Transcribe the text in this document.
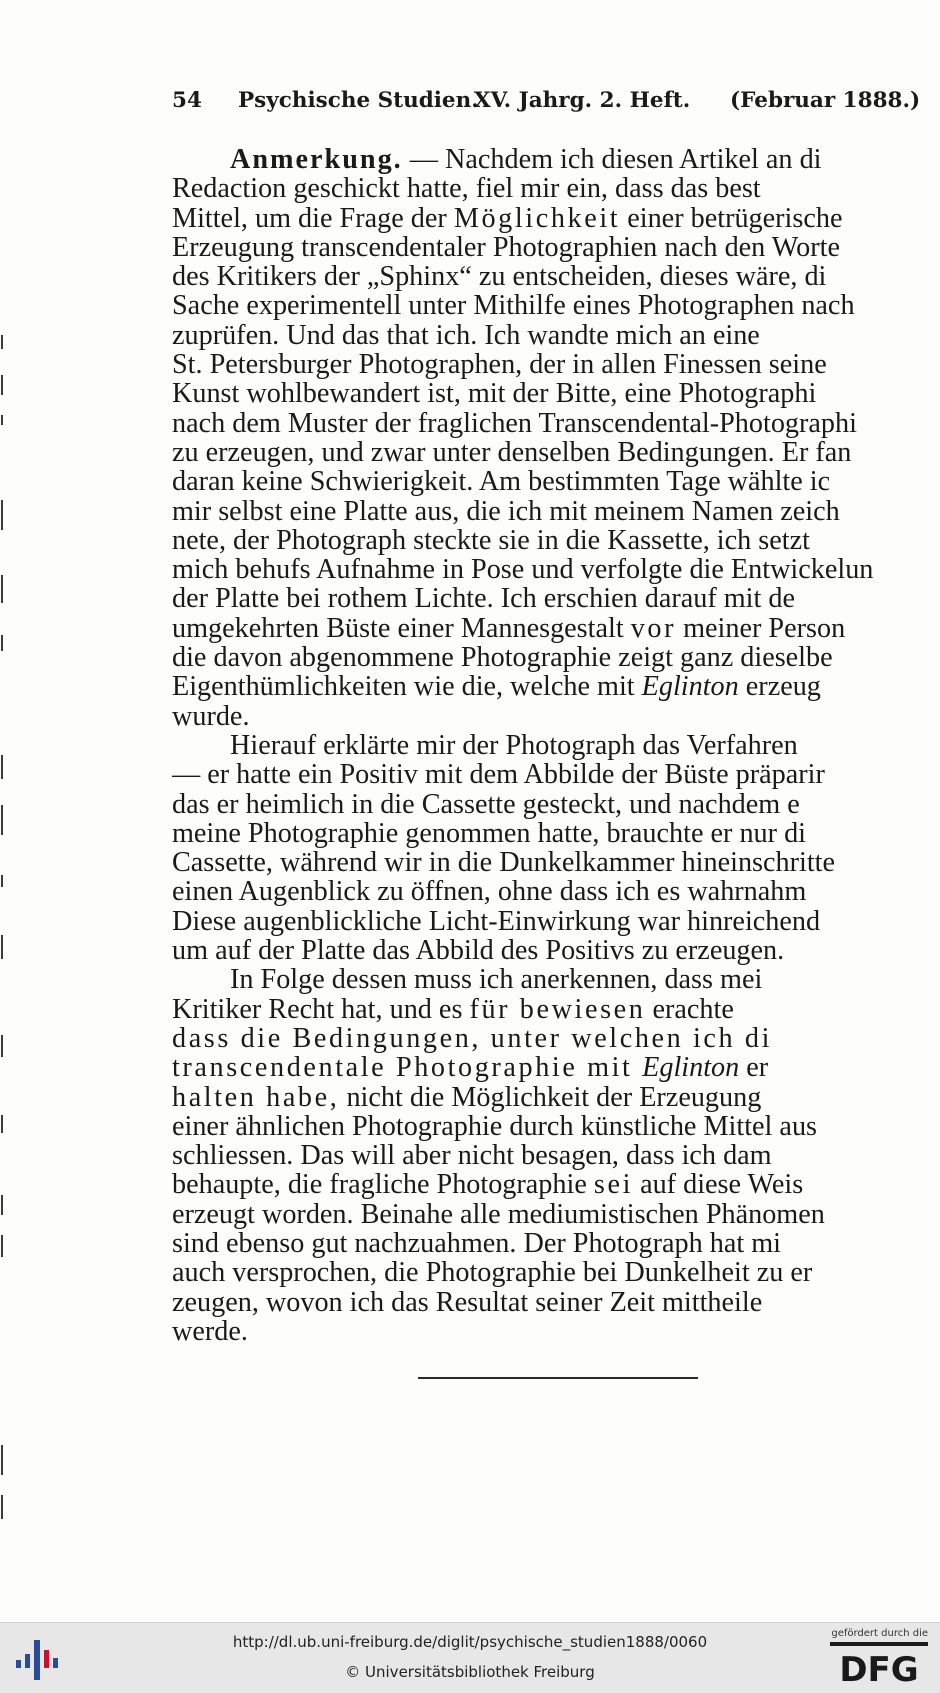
54 Psychische Studien.
XV. Jahrg. 2. Heft. (Februar 1888.)
Anmerkung. — Nachdem ich diesen Artikel an di
Redaction geschickt hatte, fiel mir ein, dass das best
Mittel, um die Frage der Möglichkeit einer betrügerische
Erzeugung transcendentaler Photographien nach den Worte
des Kritikers der „Sphinx“ zu entscheiden, dieses wäre, di
Sache experimentell unter Mithilfe eines Photographen nach
zuprüfen. Und das that ich. Ich wandte mich an eine
St. Petersburger Photographen, der in allen Finessen seine
Kunst wohlbewandert ist, mit der Bitte, eine Photographi
nach dem Muster der fraglichen Transcendental-Photographi
zu erzeugen, und zwar unter denselben Bedingungen. Er fan
daran keine Schwierigkeit. Am bestimmten Tage wählte ic
mir selbst eine Platte aus, die ich mit meinem Namen zeich
nete, der Photograph steckte sie in die Kassette, ich setzt
mich behufs Aufnahme in Pose und verfolgte die Entwickelun
der Platte bei rothem Lichte. Ich erschien darauf mit de
umgekehrten Büste einer Mannesgestalt vor meiner Person
die davon abgenommene Photographie zeigt ganz dieselbe
Eigenthümlichkeiten wie die, welche mit Eglinton erzeug
wurde.
Hierauf erklärte mir der Photograph das Verfahren
— er hatte ein Positiv mit dem Abbilde der Büste präparir
das er heimlich in die Cassette gesteckt, und nachdem e
meine Photographie genommen hatte, brauchte er nur di
Cassette, während wir in die Dunkelkammer hineinschritte
einen Augenblick zu öffnen, ohne dass ich es wahrnahm
Diese augenblickliche Licht-Einwirkung war hinreichend
um auf der Platte das Abbild des Positivs zu erzeugen.
In Folge dessen muss ich anerkennen, dass mei
Kritiker Recht hat, und es für bewiesen erachte
dass die Bedingungen, unter welchen ich di
transcendentale Photographie mit Eglinton er
halten habe, nicht die Möglichkeit der Erzeugung
einer ähnlichen Photographie durch künstliche Mittel aus
schliessen. Das will aber nicht besagen, dass ich dam
behaupte, die fragliche Photographie sei auf diese Weis
erzeugt worden. Beinahe alle mediumistischen Phänomen
sind ebenso gut nachzuahmen. Der Photograph hat mi
auch versprochen, die Photographie bei Dunkelheit zu er
zeugen, wovon ich das Resultat seiner Zeit mittheile
werde.
http://dl.ub.uni-freiburg.de/diglit/psychische_studien1888/0060
© Universitätsbibliothek Freiburg
gefördert durch die
DFG
